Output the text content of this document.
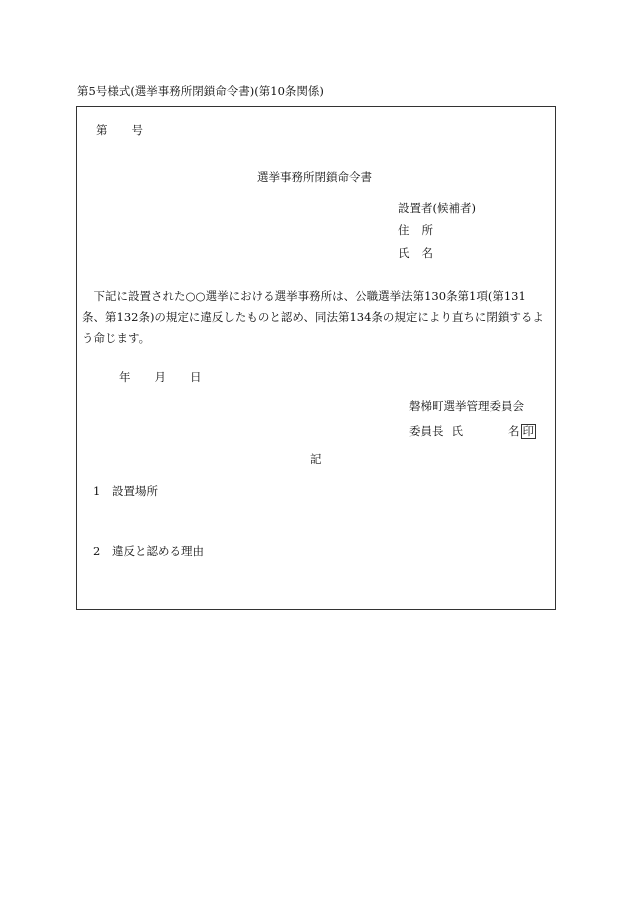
第5号様式(選挙事務所閉鎖命令書)(第10条関係)
第 号
選挙事務所閉鎖命令書
設置者(候補者)
住 所
氏 名
　下記に設置された○○選挙における選挙事務所は、公職選挙法第130条第1項(第131
条、第132条)の規定に違反したものと認め、同法第134条の規定により直ちに閉鎖するよ
う命じます。
年 月 日
磐梯町選挙管理委員会
委員長 氏	名 印
記
1 設置場所
2 違反と認める理由
